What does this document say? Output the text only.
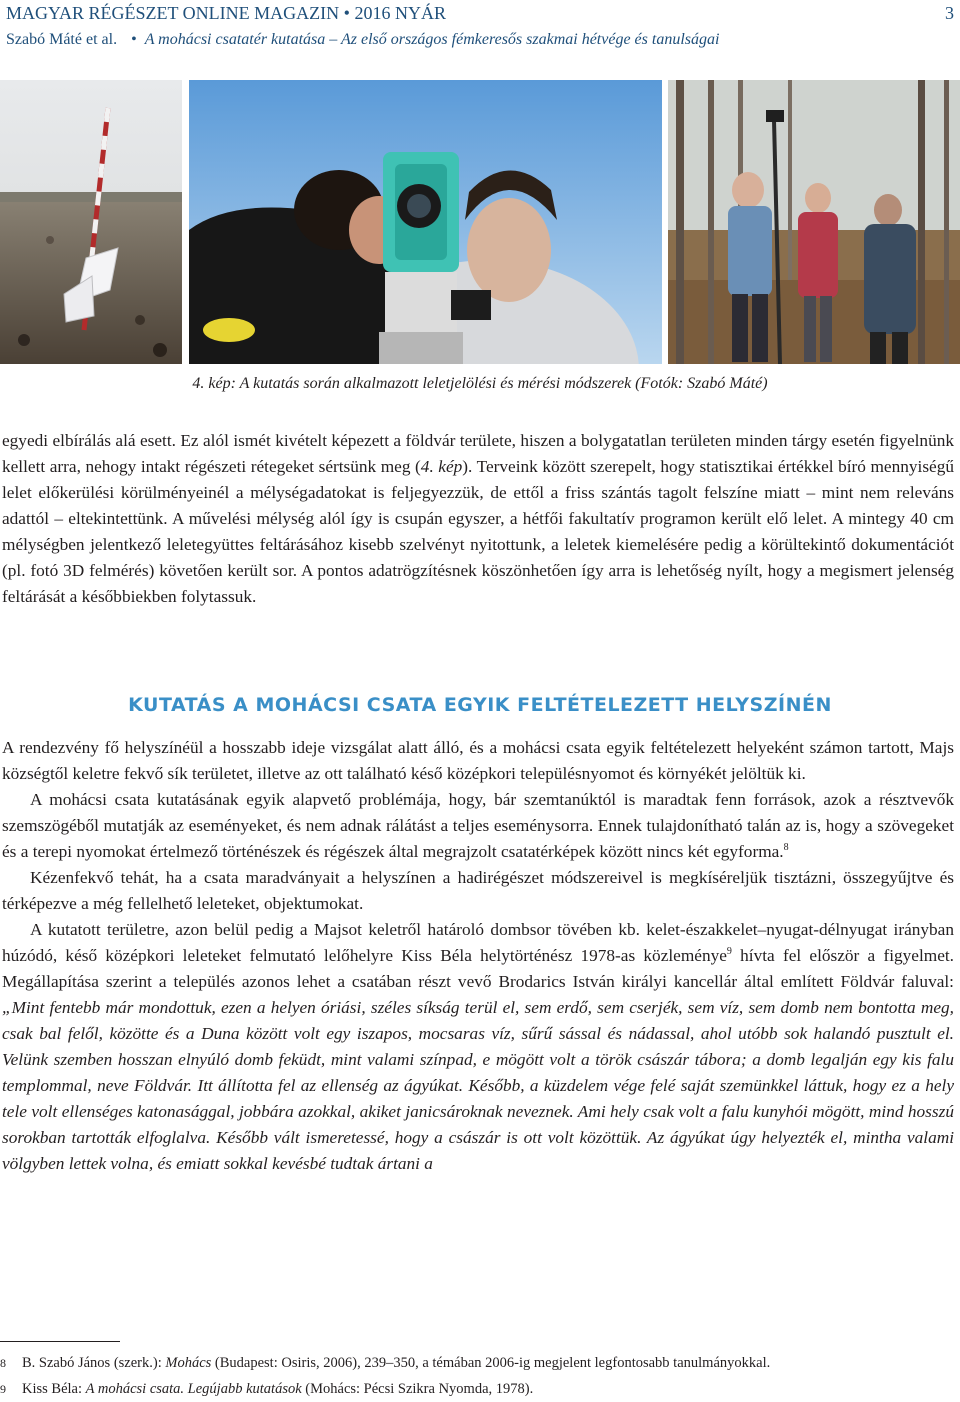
MAGYAR RÉGÉSZET ONLINE MAGAZIN • 2016 NYÁR	3
Szabó Máté et al. • A mohácsi csatatér kutatása – Az első országos fémkeresős szakmai hétvége és tanulságai
4. kép: A kutatás során alkalmazott leletjelölési és mérési módszerek (Fotók: Szabó Máté)

egyedi elbírálás alá esett. Ez alól ismét kivételt képezett a földvár területe, hiszen a bolygatatlan területen minden tárgy esetén figyelnünk kellett arra, nehogy intakt régészeti rétegeket sértsünk meg (4. kép). Terveink között szerepelt, hogy statisztikai értékkel bíró mennyiségű lelet előkerülési körülményeinél a mélységadatokat is feljegyezzük, de ettől a friss szántás tagolt felszíne miatt – mint nem releváns adattól – eltekintettünk. A művelési mélység alól így is csupán egyszer, a hétfői fakultatív programon került elő lelet. A mintegy 40 cm mélységben jelentkező leletegyüttes feltárásához kisebb szelvényt nyitottunk, a leletek kiemelésére pedig a körültekintő dokumentációt (pl. fotó 3D felmérés) követően került sor. A pontos adatrögzítésnek köszönhetően így arra is lehetőség nyílt, hogy a megismert jelenség feltárását a későbbiekben folytassuk.

KUTATÁS A MOHÁCSI CSATA EGYIK FELTÉTELEZETT HELYSZÍNÉN

A rendezvény fő helyszínéül a hosszabb ideje vizsgálat alatt álló, és a mohácsi csata egyik feltételezett helyeként számon tartott, Majs községtől keletre fekvő sík területet, illetve az ott található késő középkori településnyomot és környékét jelöltük ki.

A mohácsi csata kutatásának egyik alapvető problémája, hogy, bár szemtanúktól is maradtak fenn források, azok a résztvevők szemszögéből mutatják az eseményeket, és nem adnak rálátást a teljes eseménysorra. Ennek tulajdonítható talán az is, hogy a szövegeket és a terepi nyomokat értelmező történészek és régészek által megrajzolt csatatérképek között nincs két egyforma.$^8$

Kézenfekvő tehát, ha a csata maradványait a helyszínen a hadirégészet módszereivel is megkíséreljük tisztázni, összegyűjtve és térképezve a még fellelhető leleteket, objektumokat.

A kutatott területre, azon belül pedig a Majsot keletről határoló dombsor tövében kb. kelet-északkelet–nyugat-délnyugat irányban húzódó, késő középkori leleteket felmutató lelőhelyre Kiss Béla helytörténész 1978-as közleménye$^9$ hívta fel először a figyelmet. Megállapítása szerint a település azonos lehet a csatában részt vevő Brodarics István királyi kancellár által említett Földvár faluval: „Mint fentebb már mondottuk, ezen a helyen óriási, széles síkság terül el, sem erdő, sem cserjék, sem víz, sem domb nem bontotta meg, csak bal felől, közötte és a Duna között volt egy iszapos, mocsaras víz, sűrű sással és nádassal, ahol utóbb sok halandó pusztult el. Velünk szemben hosszan elnyúló domb feküdt, mint valami színpad, e mögött volt a török császár tábora; a domb legalján egy kis falu templommal, neve Földvár. Itt állította fel az ellenség az ágyúkat. Később, a küzdelem vége felé saját szemünkkel láttuk, hogy ez a hely tele volt ellenséges katonasággal, jobbára azokkal, akiket janicsároknak neveznek. Ami hely csak volt a falu kunyhói mögött, mind hosszú sorokban tartották elfoglalva. Később vált ismeretessé, hogy a császár is ott volt közöttük. Az ágyúkat úgy helyezték el, mintha valami völgyben lettek volna, és emiatt sokkal kevésbé tudtak ártani a

8	B. Szabó János (szerk.): Mohács (Budapest: Osiris, 2006), 239–350, a témában 2006-ig megjelent legfontosabb tanulmányokkal.
9	Kiss Béla: A mohácsi csata. Legújabb kutatások (Mohács: Pécsi Szikra Nyomda, 1978).
